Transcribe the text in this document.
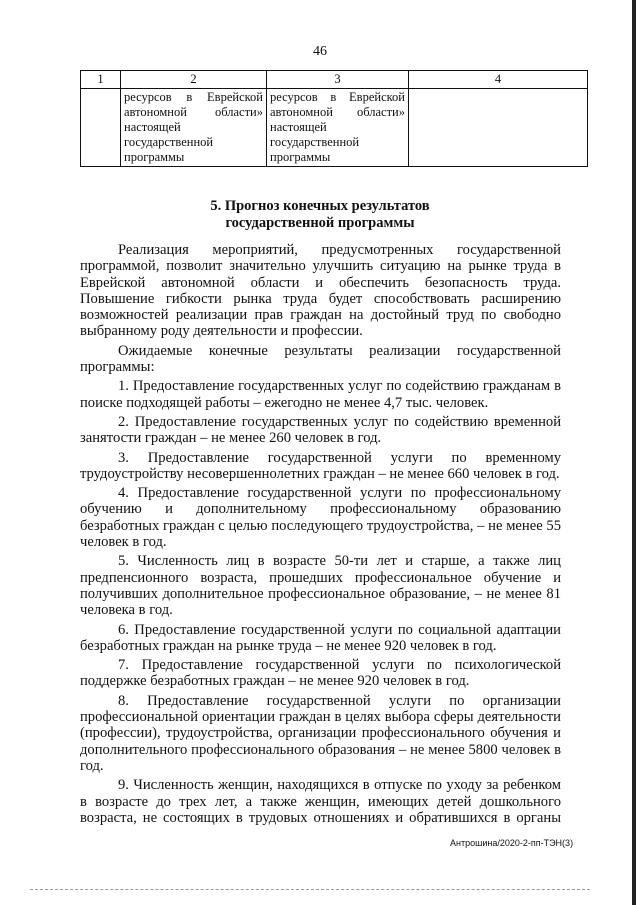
46
1	2	3	4
	ресурсов в Еврейской автономной области» настоящей государственной программы	ресурсов в Еврейской автономной области» настоящей государственной программы	
5. Прогноз конечных результатов
государственной программы

Реализация мероприятий, предусмотренных государственной программой, позволит значительно улучшить ситуацию на рынке труда в Еврейской автономной области и обеспечить безопасность труда. Повышение гибкости рынка труда будет способствовать расширению возможностей реализации прав граждан на достойный труд по свободно выбранному роду деятельности и профессии.

Ожидаемые конечные результаты реализации государственной программы:

1. Предоставление государственных услуг по содействию гражданам в поиске подходящей работы – ежегодно не менее 4,7 тыс. человек.

2. Предоставление государственных услуг по содействию временной занятости граждан – не менее 260 человек в год.

3. Предоставление государственной услуги по временному трудоустройству несовершеннолетних граждан – не менее 660 человек в год.

4. Предоставление государственной услуги по профессиональному обучению и дополнительному профессиональному образованию безработных граждан с целью последующего трудоустройства, – не менее 55 человек в год.

5. Численность лиц в возрасте 50-ти лет и старше, а также лиц предпенсионного возраста, прошедших профессиональное обучение и получивших дополнительное профессиональное образование, – не менее 81 человека в год.

6. Предоставление государственной услуги по социальной адаптации безработных граждан на рынке труда – не менее 920 человек в год.

7. Предоставление государственной услуги по психологической поддержке безработных граждан – не менее 920 человек в год.

8. Предоставление государственной услуги по организации профессиональной ориентации граждан в целях выбора сферы деятельности (профессии), трудоустройства, организации профессионального обучения и дополнительного профессионального образования – не менее 5800 человек в год.

9. Численность женщин, находящихся в отпуске по уходу за ребенком в возрасте до трех лет, а также женщин, имеющих детей дошкольного возраста, не состоящих в трудовых отношениях и обратившихся в органы

Антрошина/2020-2-пп-ТЭН(3)
